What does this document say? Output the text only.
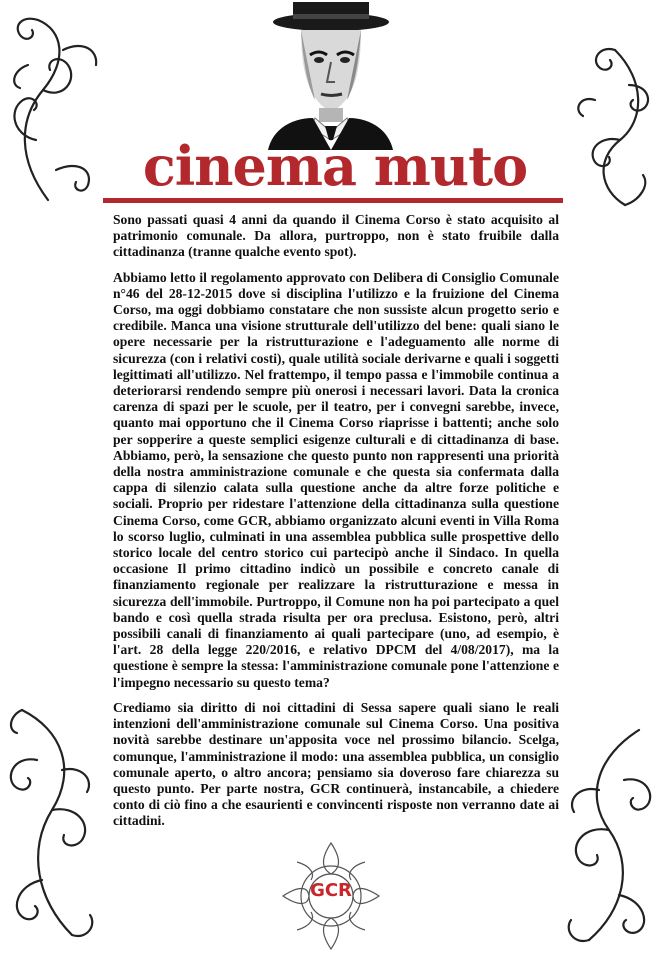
cinema muto

Sono passati quasi 4 anni da quando il Cinema Corso è stato acquisito al patrimonio comunale. Da allora, purtroppo, non è stato fruibile dalla cittadinanza (tranne qualche evento spot).

Abbiamo letto il regolamento approvato con Delibera di Consiglio Comunale n°46 del 28-12-2015 dove si disciplina l'utilizzo e la fruizione del Cinema Corso, ma oggi dobbiamo constatare che non sussiste alcun progetto serio e credibile. Manca una visione strutturale dell'utilizzo del bene: quali siano le opere necessarie per la ristrutturazione e l'adeguamento alle norme di sicurezza (con i relativi costi), quale utilità sociale derivarne e quali i soggetti legittimati all'utilizzo. Nel frattempo, il tempo passa e l'immobile continua a deteriorarsi rendendo sempre più onerosi i necessari lavori. Data la cronica carenza di spazi per le scuole, per il teatro, per i convegni sarebbe, invece, quanto mai opportuno che il Cinema Corso riaprisse i battenti; anche solo per sopperire a queste semplici esigenze culturali e di cittadinanza di base. Abbiamo, però, la sensazione che questo punto non rappresenti una priorità della nostra amministrazione comunale e che questa sia confermata dalla cappa di silenzio calata sulla questione anche da altre forze politiche e sociali. Proprio per ridestare l'attenzione della cittadinanza sulla questione Cinema Corso, come GCR, abbiamo organizzato alcuni eventi in Villa Roma lo scorso luglio, culminati in una assemblea pubblica sulle prospettive dello storico locale del centro storico cui partecipò anche il Sindaco. In quella occasione Il primo cittadino indicò un possibile e concreto canale di finanziamento regionale per realizzare la ristrutturazione e messa in sicurezza dell'immobile. Purtroppo, il Comune non ha poi partecipato a quel bando e così quella strada risulta per ora preclusa. Esistono, però, altri possibili canali di finanziamento ai quali partecipare (uno, ad esempio, è l'art. 28 della legge 220/2016, e relativo DPCM del 4/08/2017), ma la questione è sempre la stessa: l'amministrazione comunale pone l'attenzione e l'impegno necessario su questo tema?

Crediamo sia diritto di noi cittadini di Sessa sapere quali siano le reali intenzioni dell'amministrazione comunale sul Cinema Corso. Una positiva novità sarebbe destinare un'apposita voce nel prossimo bilancio. Scelga, comunque, l'amministrazione il modo: una assemblea pubblica, un consiglio comunale aperto, o altro ancora; pensiamo sia doveroso fare chiarezza su questo punto. Per parte nostra, GCR continuerà, instancabile, a chiedere conto di ciò fino a che esaurienti e convincenti risposte non verranno date ai cittadini.

GCR
